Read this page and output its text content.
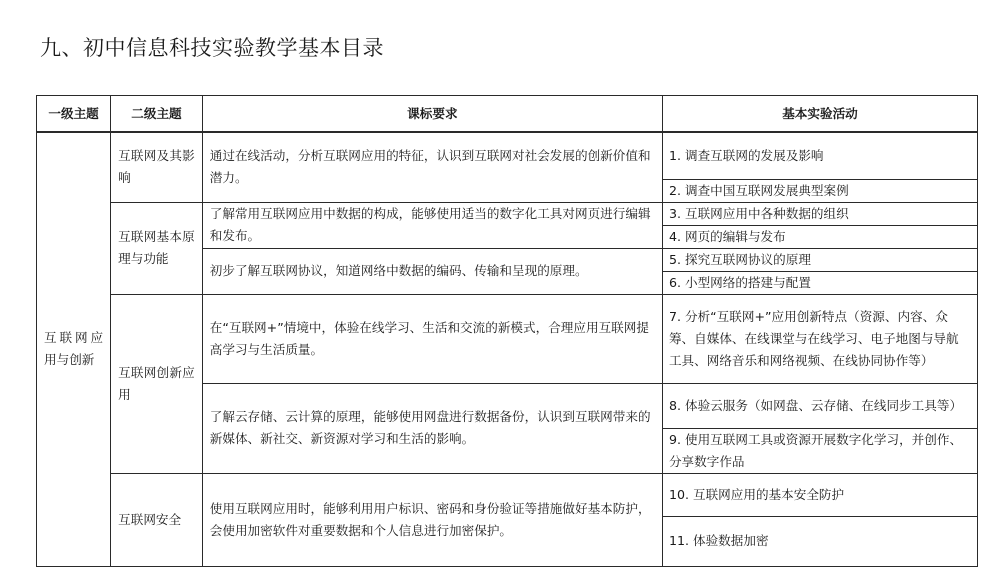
九、初中信息科技实验教学基本目录
一级主题	二级主题	课标要求	基本实验活动
互联网应用与创新	互联网及其影响	通过在线活动，分析互联网应用的特征，认识到互联网对社会发展的创新价值和潜力。	1. 调查互联网的发展及影响
			2. 调查中国互联网发展典型案例
	互联网基本原理与功能	了解常用互联网应用中数据的构成，能够使用适当的数字化工具对网页进行编辑和发布。	3. 互联网应用中各种数据的组织
			4. 网页的编辑与发布
		初步了解互联网协议，知道网络中数据的编码、传输和呈现的原理。	5. 探究互联网协议的原理
			6. 小型网络的搭建与配置
	互联网创新应用	在“互联网+”情境中，体验在线学习、生活和交流的新模式，合理应用互联网提高学习与生活质量。	7. 分析“互联网+”应用创新特点（资源、内容、众筹、自媒体、在线课堂与在线学习、电子地图与导航工具、网络音乐和网络视频、在线协同协作等）
		了解云存储、云计算的原理，能够使用网盘进行数据备份，认识到互联网带来的新媒体、新社交、新资源对学习和生活的影响。	8. 体验云服务（如网盘、云存储、在线同步工具等）
			9. 使用互联网工具或资源开展数字化学习，并创作、分享数字作品
	互联网安全	使用互联网应用时，能够利用用户标识、密码和身份验证等措施做好基本防护，会使用加密软件对重要数据和个人信息进行加密保护。	10. 互联网应用的基本安全防护
			11. 体验数据加密
